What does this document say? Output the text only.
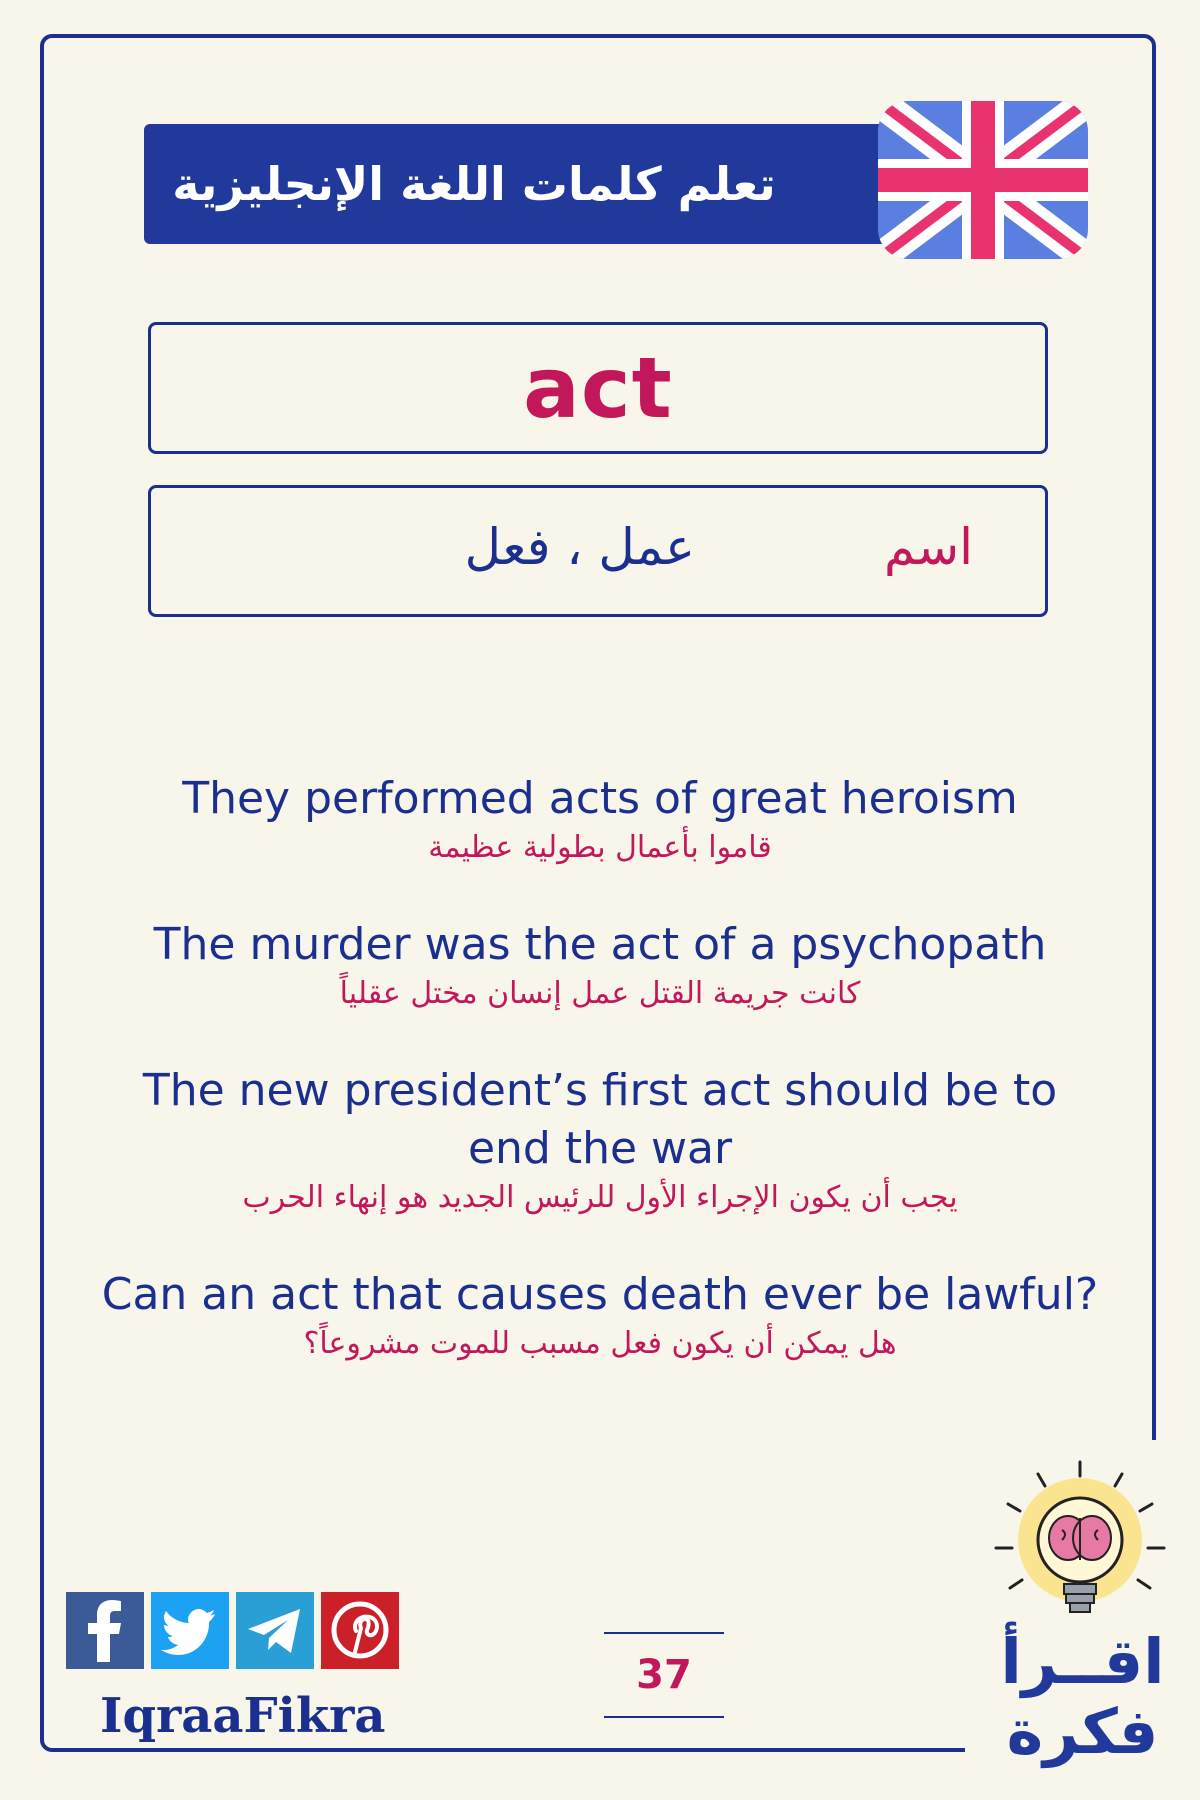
تعلم كلمات اللغة الإنجليزية
act
اسم
عمل ، فعل
They performed acts of great heroism
قاموا بأعمال بطولية عظيمة
The murder was the act of a psychopath
كانت جريمة القتل عمل إنسان مختل عقلياً
The new president’s first act should be to end the war
يجب أن يكون الإجراء الأول للرئيس الجديد هو إنهاء الحرب
Can an act that causes death ever be lawful?
هل يمكن أن يكون فعل مسبب للموت مشروعاً؟
IqraaFikra
37	اقــرأ
فكرة
